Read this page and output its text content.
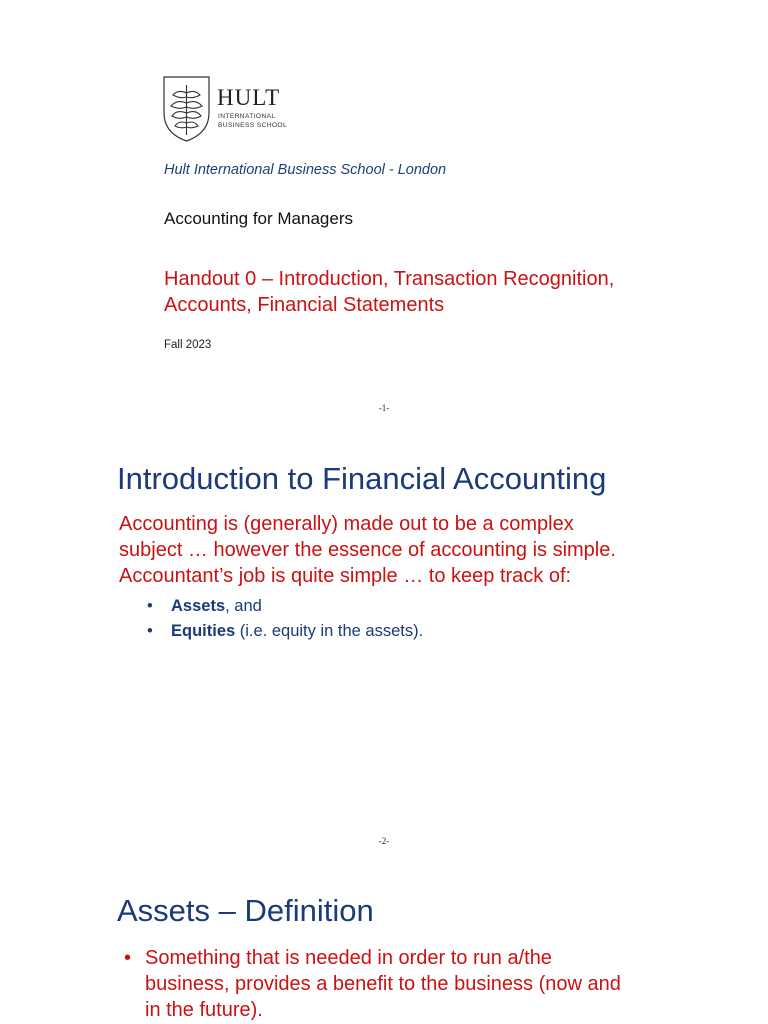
HULT
INTERNATIONAL
BUSINESS SCHOOL
Hult International Business School - London
Accounting for Managers
Handout 0 – Introduction, Transaction Recognition,
Accounts, Financial Statements
Fall 2023
-1-
Introduction to Financial Accounting
Accounting is (generally) made out to be a complex
subject … however the essence of accounting is simple.
Accountant’s job is quite simple … to keep track of:
• Assets, and
• Equities (i.e. equity in the assets).
-2-
Assets – Definition
• Something that is needed in order to run a/the
business, provides a benefit to the business (now and
in the future).
